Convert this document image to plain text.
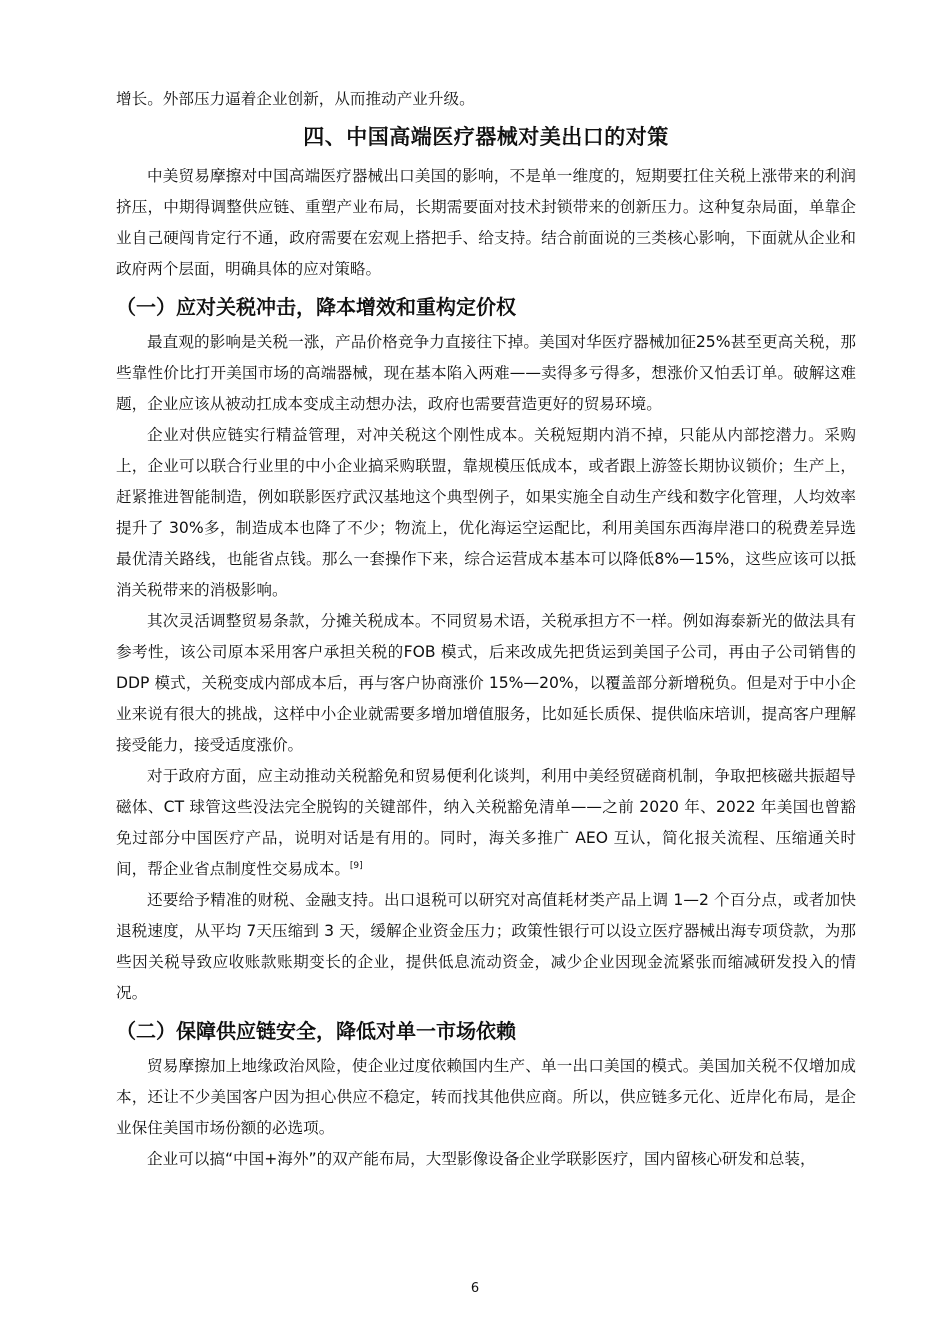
增长。外部压力逼着企业创新，从而推动产业升级。

四、中国高端医疗器械对美出口的对策

中美贸易摩擦对中国高端医疗器械出口美国的影响，不是单一维度的，短期要扛住关税上涨带来的利润挤压，中期得调整供应链、重塑产业布局，长期需要面对技术封锁带来的创新压力。这种复杂局面，单靠企业自己硬闯肯定行不通，政府需要在宏观上搭把手、给支持。结合前面说的三类核心影响，下面就从企业和政府两个层面，明确具体的应对策略。

（一）应对关税冲击，降本增效和重构定价权

最直观的影响是关税一涨，产品价格竞争力直接往下掉。美国对华医疗器械加征25%甚至更高关税，那些靠性价比打开美国市场的高端器械，现在基本陷入两难——卖得多亏得多，想涨价又怕丢订单。破解这难题，企业应该从被动扛成本变成主动想办法，政府也需要营造更好的贸易环境。

企业对供应链实行精益管理，对冲关税这个刚性成本。关税短期内消不掉，只能从内部挖潜力。采购上，企业可以联合行业里的中小企业搞采购联盟，靠规模压低成本，或者跟上游签长期协议锁价；生产上，赶紧推进智能制造，例如联影医疗武汉基地这个典型例子，如果实施全自动生产线和数字化管理，人均效率提升了 30%多，制造成本也降了不少；物流上，优化海运空运配比，利用美国东西海岸港口的税费差异选最优清关路线，也能省点钱。那么一套操作下来，综合运营成本基本可以降低8%—15%，这些应该可以抵消关税带来的消极影响。

其次灵活调整贸易条款，分摊关税成本。不同贸易术语，关税承担方不一样。例如海泰新光的做法具有参考性，该公司原本采用客户承担关税的FOB 模式，后来改成先把货运到美国子公司，再由子公司销售的 DDP 模式，关税变成内部成本后，再与客户协商涨价 15%—20%，以覆盖部分新增税负。但是对于中小企业来说有很大的挑战，这样中小企业就需要多增加增值服务，比如延长质保、提供临床培训，提高客户理解接受能力，接受适度涨价。

对于政府方面，应主动推动关税豁免和贸易便利化谈判，利用中美经贸磋商机制，争取把核磁共振超导磁体、CT 球管这些没法完全脱钩的关键部件，纳入关税豁免清单——之前 2020 年、2022 年美国也曾豁免过部分中国医疗产品，说明对话是有用的。同时，海关多推广 AEO 互认，简化报关流程、压缩通关时间，帮企业省点制度性交易成本。[9]

还要给予精准的财税、金融支持。出口退税可以研究对高值耗材类产品上调 1—2 个百分点，或者加快退税速度，从平均 7天压缩到 3 天，缓解企业资金压力；政策性银行可以设立医疗器械出海专项贷款，为那些因关税导致应收账款账期变长的企业，提供低息流动资金，减少企业因现金流紧张而缩减研发投入的情况。

（二）保障供应链安全，降低对单一市场依赖

贸易摩擦加上地缘政治风险，使企业过度依赖国内生产、单一出口美国的模式。美国加关税不仅增加成本，还让不少美国客户因为担心供应不稳定，转而找其他供应商。所以，供应链多元化、近岸化布局，是企业保住美国市场份额的必选项。

企业可以搞“中国+海外”的双产能布局，大型影像设备企业学联影医疗，国内留核心研发和总装，

6
